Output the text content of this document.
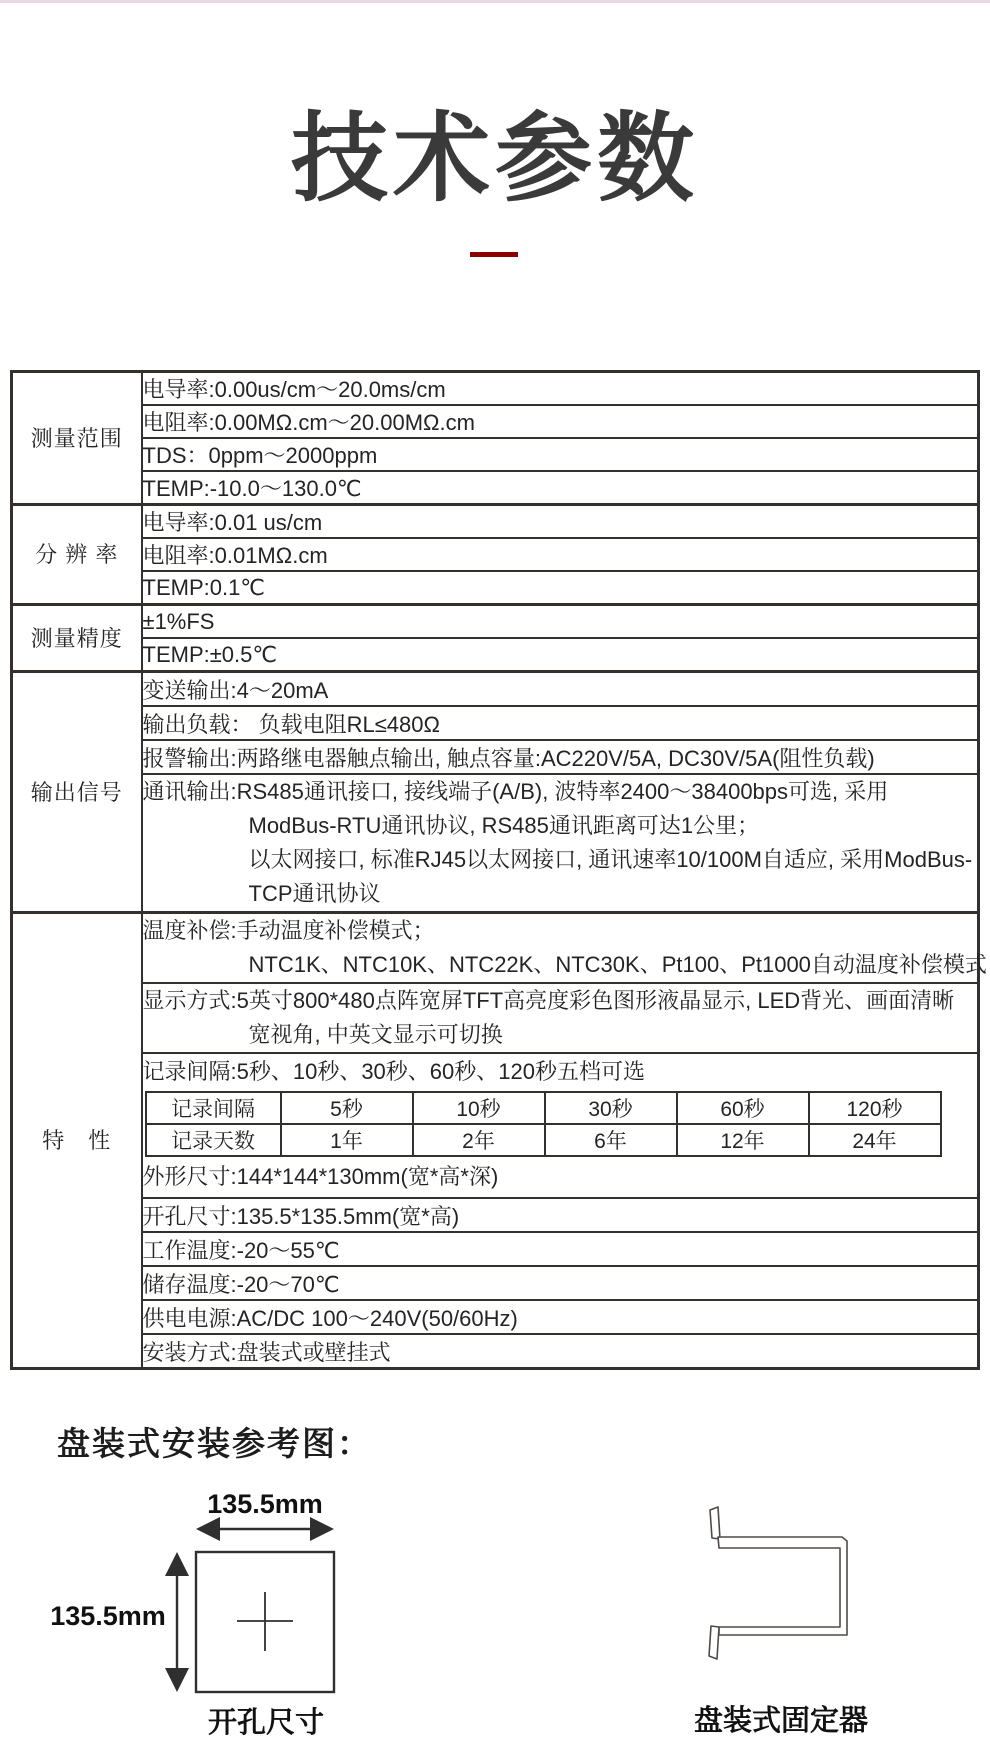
技术参数
测量范围	电导率:0.00us/cm～20.0ms/cm
电阻率:0.00MΩ.cm～20.00MΩ.cm
TDS：0ppm～2000ppm
TEMP:-10.0～130.0℃
分 辨 率	电导率:0.01 us/cm
电阻率:0.01MΩ.cm
TEMP:0.1℃
测量精度	±1%FS
TEMP:±0.5℃
输出信号	变送输出:4～20mA
输出负载： 负载电阻RL≤480Ω
报警输出:两路继电器触点输出, 触点容量:AC220V/5A, DC30V/5A(阻性负载)

通讯输出:RS485通讯接口, 接线端子(A/B), 波特率2400～38400bps可选, 采用
ModBus-RTU通讯协议, RS485通讯距离可达1公里；
以太网接口, 标准RJ45以太网接口, 通讯速率10/100M自适应, 采用ModBus-
TCP通讯协议

特　性	
温度补偿:手动温度补偿模式；
NTC1K、NTC10K、NTC22K、NTC30K、Pt100、Pt1000自动温度补偿模式

显示方式:5英寸800*480点阵宽屏TFT高亮度彩色图形液晶显示, LED背光、画面清晰
宽视角, 中英文显示可切换

记录间隔:5秒、10秒、30秒、60秒、120秒五档可选
记录间隔	5秒	10秒	30秒	60秒	120秒
记录天数	1年	2年	6年	12年	24年
外形尺寸:144*144*130mm(宽*高*深)

开孔尺寸:135.5*135.5mm(宽*高)
工作温度:-20～55℃
储存温度:-20～70℃
供电电源:AC/DC 100～240V(50/60Hz)
安装方式:盘装式或壁挂式
盘装式安装参考图：
135.5mm
135.5mm
开孔尺寸	盘装式固定器
